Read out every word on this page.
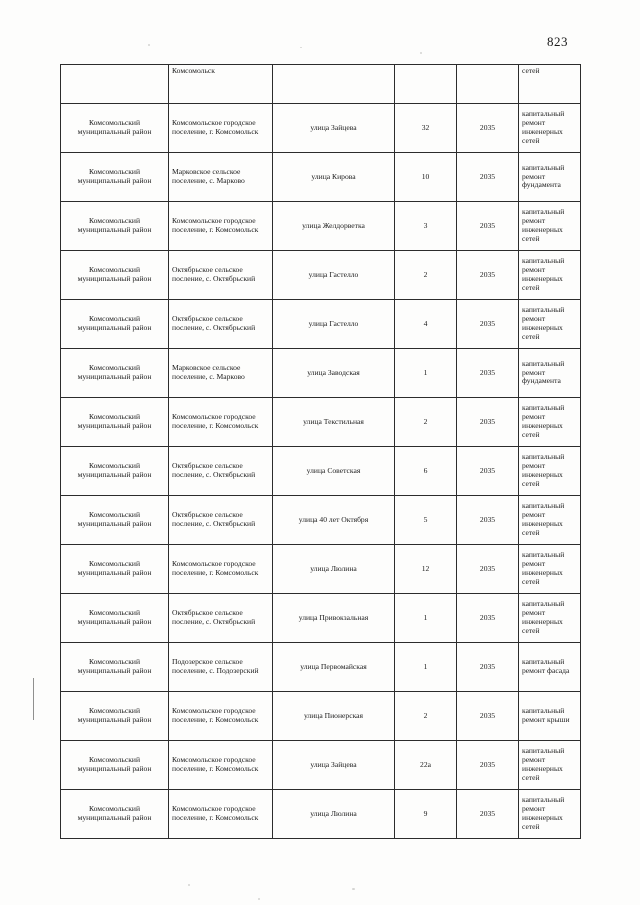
823
	Комсомольск				сетей
Комсомольский муниципальный район	Комсомольское городское поселение, г. Комсомольск	улица Зайцева	32	2035	капитальный ремонт инженерных сетей
Комсомольский муниципальный район	Марковское сельское поселение, с. Марково	улица Кирова	10	2035	капитальный ремонт фундамента
Комсомольский муниципальный район	Комсомольское городское поселение, г. Комсомольск	улица Желдорветка	3	2035	капитальный ремонт инженерных сетей
Комсомольский муниципальный район	Октябрьское сельское посление, с. Октябрьский	улица Гастелло	2	2035	капитальный ремонт инженерных сетей
Комсомольский муниципальный район	Октябрьское сельское посление, с. Октябрьский	улица Гастелло	4	2035	капитальный ремонт инженерных сетей
Комсомольский муниципальный район	Марковское сельское поселение, с. Марково	улица Заводская	1	2035	капитальный ремонт фундамента
Комсомольский муниципальный район	Комсомольское городское поселение, г. Комсомольск	улица Текстильная	2	2035	капитальный ремонт инженерных сетей
Комсомольский муниципальный район	Октябрьское сельское посление, с. Октябрьский	улица Советская	6	2035	капитальный ремонт инженерных сетей
Комсомольский муниципальный район	Октябрьское сельское посление, с. Октябрьский	улица 40 лет Октября	5	2035	капитальный ремонт инженерных сетей
Комсомольский муниципальный район	Комсомольское городское поселение, г. Комсомольск	улица Люлина	12	2035	капитальный ремонт инженерных сетей
Комсомольский муниципальный район	Октябрьское сельское посление, с. Октябрьский	улица Привокзальная	1	2035	капитальный ремонт инженерных сетей
Комсомольский муниципальный район	Подозерское сельское поселение, с. Подозерский	улица Первомайская	1	2035	капитальный ремонт фасада
Комсомольский муниципальный район	Комсомольское городское поселение, г. Комсомольск	улица Пионерская	2	2035	капитальный ремонт крыши
Комсомольский муниципальный район	Комсомольское городское поселение, г. Комсомольск	улица Зайцева	22а	2035	капитальный ремонт инженерных сетей
Комсомольский муниципальный район	Комсомольское городское поселение, г. Комсомольск	улица Люлина	9	2035	капитальный ремонт инженерных сетей
